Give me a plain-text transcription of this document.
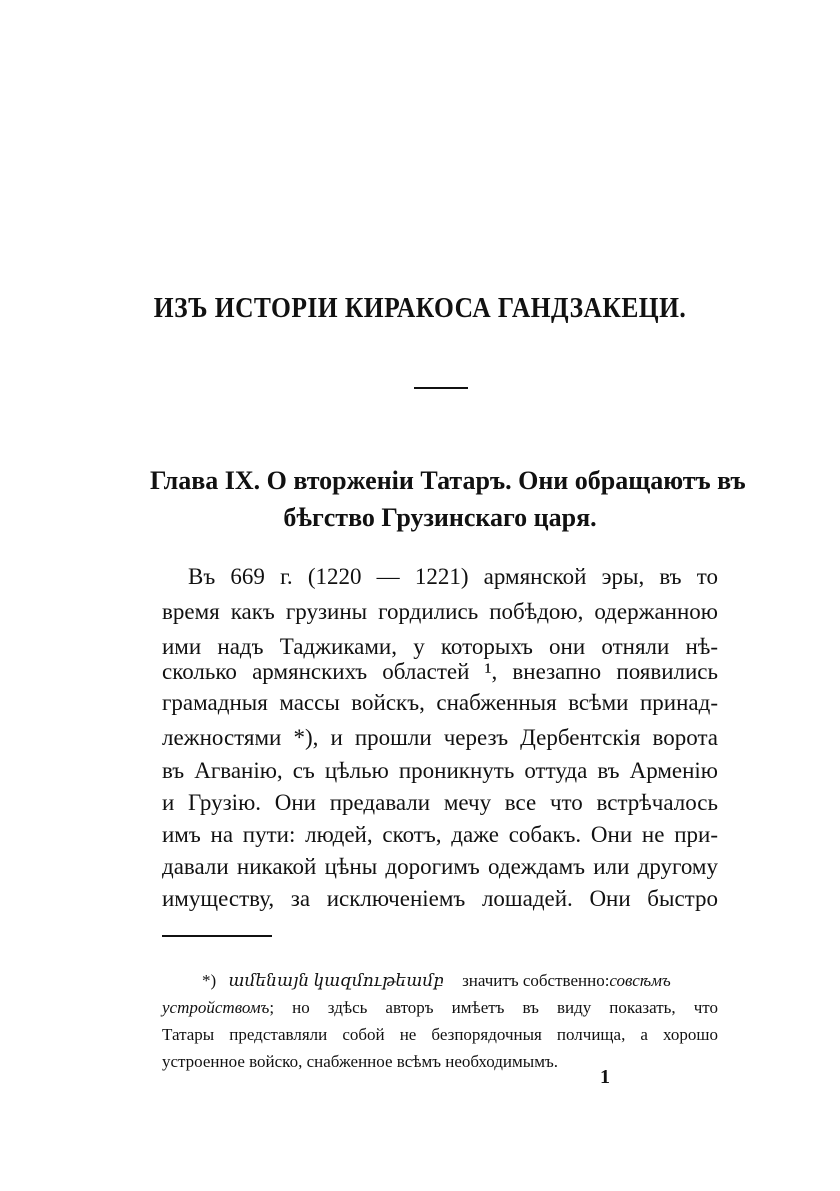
ИЗЪ ИСТОРІИ КИРАКОСА ГАНДЗАКЕЦИ.
Глава IX. О вторженіи Татаръ. Они обращаютъ въ
бѣгство Грузинскаго царя.
Въ 669 г. (1220 — 1221) армянской эры, въ то
время какъ грузины гордились побѣдою, одержанною
ими надъ Таджиками, у которыхъ они отняли нѣ-
сколько армянскихъ областей ¹, внезапно появились
грамадныя массы войскъ, снабженныя всѣми принад-
лежностями *), и прошли черезъ Дербентскія ворота
въ Агванію, съ цѣлью проникнуть оттуда въ Арменію
и Грузію. Они предавали мечу все что встрѣчалось
имъ на пути: людей, скотъ, даже собакъ. Они не при-
давали никакой цѣны дорогимъ одеждамъ или другому
имуществу, за исключеніемъ лошадей. Они быстро
*) ամենայն կազմութեամբ значитъ собственно:совсѣмъ
устройствомъ; но здѣсь авторъ имѣетъ въ виду показать, что
Татары представляли собой не безпорядочныя полчища, а хорошо
устроенное войско, снабженное всѣмъ необходимымъ.
1
